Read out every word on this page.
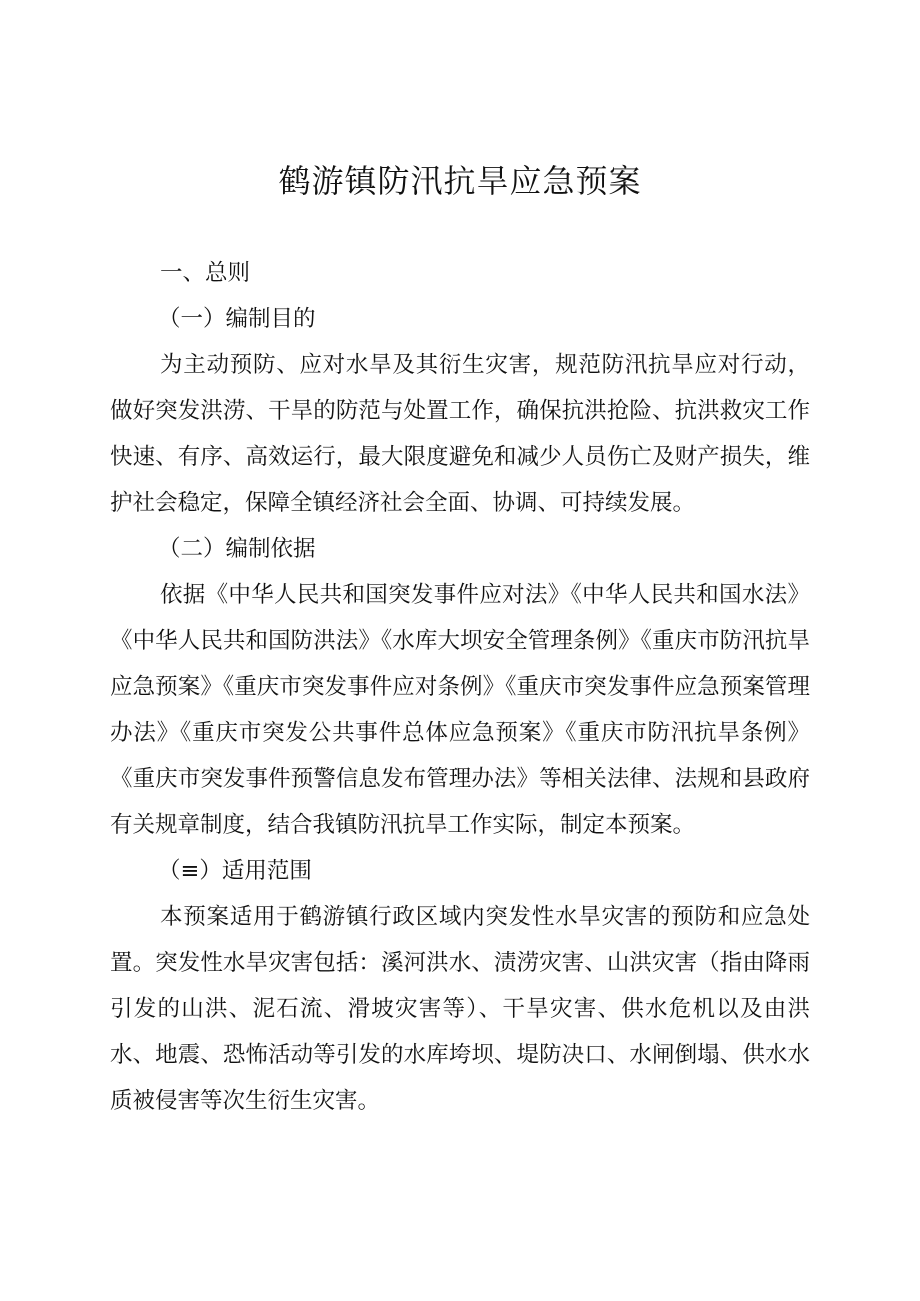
鹤游镇防汛抗旱应急预案

一、总则

（一）编制目的

为主动预防、应对水旱及其衍生灾害，规范防汛抗旱应对行动，做好突发洪涝、干旱的防范与处置工作，确保抗洪抢险、抗洪救灾工作快速、有序、高效运行，最大限度避免和减少人员伤亡及财产损失，维护社会稳定，保障全镇经济社会全面、协调、可持续发展。

（二）编制依据

依据《中华人民共和国突发事件应对法》《中华人民共和国水法》《中华人民共和国防洪法》《水库大坝安全管理条例》《重庆市防汛抗旱应急预案》《重庆市突发事件应对条例》《重庆市突发事件应急预案管理办法》《重庆市突发公共事件总体应急预案》《重庆市防汛抗旱条例》《重庆市突发事件预警信息发布管理办法》等相关法律、法规和县政府有关规章制度，结合我镇防汛抗旱工作实际，制定本预案。

（≡）适用范围

本预案适用于鹤游镇行政区域内突发性水旱灾害的预防和应急处置。突发性水旱灾害包括：溪河洪水、渍涝灾害、山洪灾害（指由降雨引发的山洪、泥石流、滑坡灾害等）、干旱灾害、供水危机以及由洪水、地震、恐怖活动等引发的水库垮坝、堤防决口、水闸倒塌、供水水质被侵害等次生衍生灾害。
